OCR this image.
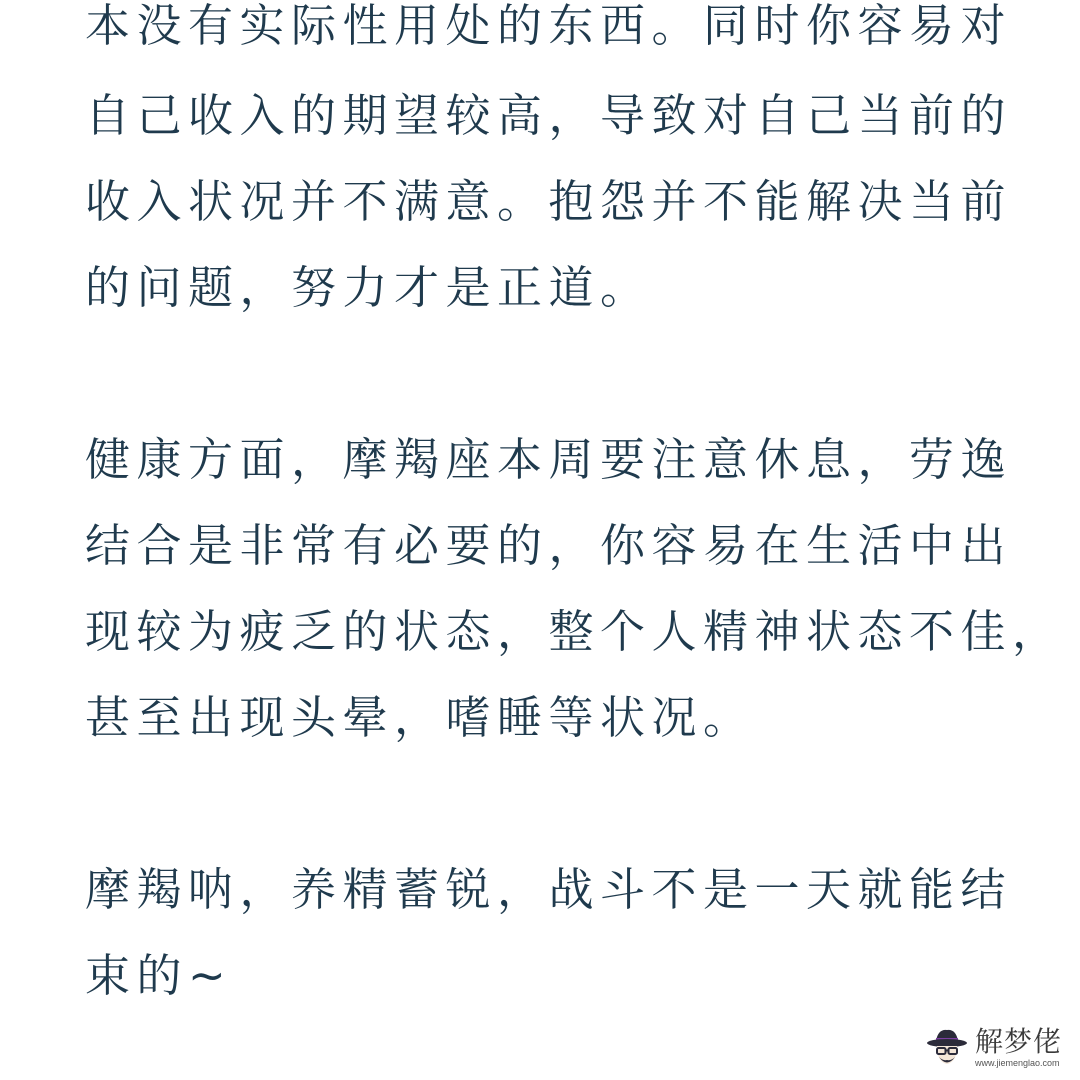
本没有实际性用处的东西。同时你容易对

自己收入的期望较高，导致对自己当前的

收入状况并不满意。抱怨并不能解决当前

的问题，努力才是正道。

健康方面，摩羯座本周要注意休息，劳逸

结合是非常有必要的，你容易在生活中出

现较为疲乏的状态，整个人精神状态不佳，

甚至出现头晕，嗜睡等状况。

摩羯呐，养精蓄锐，战斗不是一天就能结

束的~

解梦佬
www.jiemenglao.com
